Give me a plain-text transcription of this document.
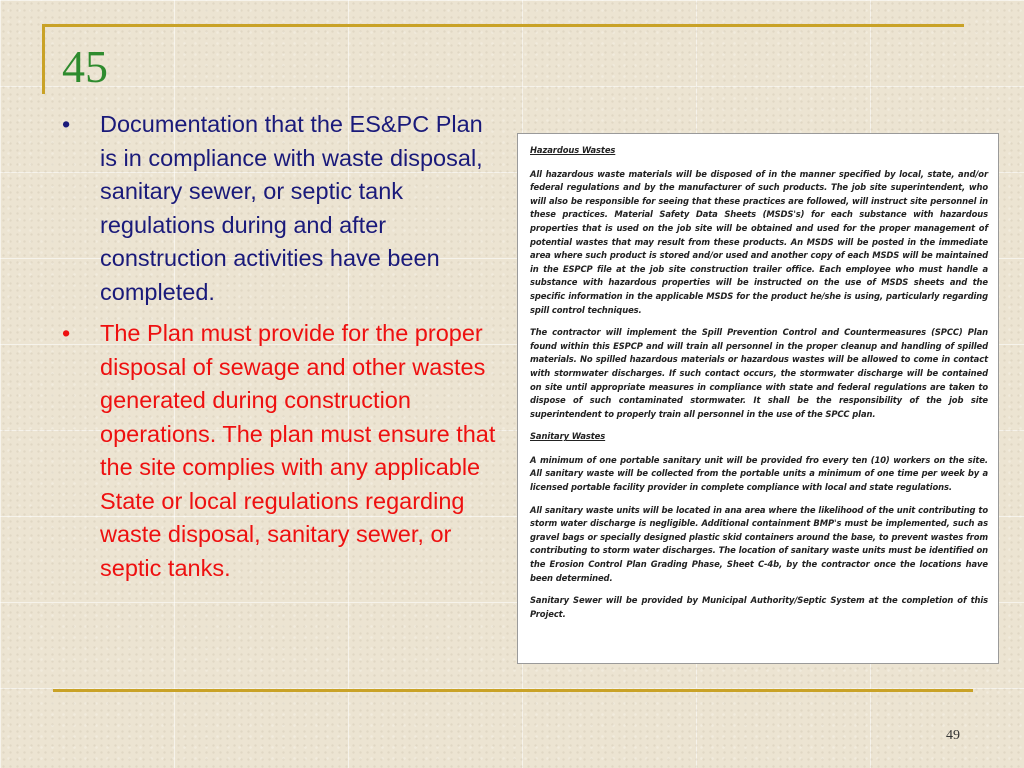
45
• Documentation that the ES&PC Plan is in compliance with waste disposal, sanitary sewer, or septic tank regulations during and after construction activities have been completed.
• The Plan must provide for the proper disposal of sewage and other wastes generated during construction operations. The plan must ensure that the site complies with any applicable State or local regulations regarding waste disposal, sanitary sewer, or septic tanks.
Hazardous Wastes

All hazardous waste materials will be disposed of in the manner specified by local, state, and/or federal regulations and by the manufacturer of such products. The job site superintendent, who will also be responsible for seeing that these practices are followed, will instruct site personnel in these practices. Material Safety Data Sheets (MSDS's) for each substance with hazardous properties that is used on the job site will be obtained and used for the proper management of potential wastes that may result from these products. An MSDS will be posted in the immediate area where such product is stored and/or used and another copy of each MSDS will be maintained in the ESPCP file at the job site construction trailer office. Each employee who must handle a substance with hazardous properties will be instructed on the use of MSDS sheets and the specific information in the applicable MSDS for the product he/she is using, particularly regarding spill control techniques.

The contractor will implement the Spill Prevention Control and Countermeasures (SPCC) Plan found within this ESPCP and will train all personnel in the proper cleanup and handling of spilled materials. No spilled hazardous materials or hazardous wastes will be allowed to come in contact with stormwater discharges. If such contact occurs, the stormwater discharge will be contained on site until appropriate measures in compliance with state and federal regulations are taken to dispose of such contaminated stormwater. It shall be the responsibility of the job site superintendent to properly train all personnel in the use of the SPCC plan.

Sanitary Wastes

A minimum of one portable sanitary unit will be provided fro every ten (10) workers on the site. All sanitary waste will be collected from the portable units a minimum of one time per week by a licensed portable facility provider in complete compliance with local and state regulations.

All sanitary waste units will be located in ana area where the likelihood of the unit contributing to storm water discharge is negligible. Additional containment BMP's must be implemented, such as gravel bags or specially designed plastic skid containers around the base, to prevent wastes from contributing to storm water discharges. The location of sanitary waste units must be identified on the Erosion Control Plan Grading Phase, Sheet C-4b, by the contractor once the locations have been determined.

Sanitary Sewer will be provided by Municipal Authority/Septic System at the completion of this Project.

49
